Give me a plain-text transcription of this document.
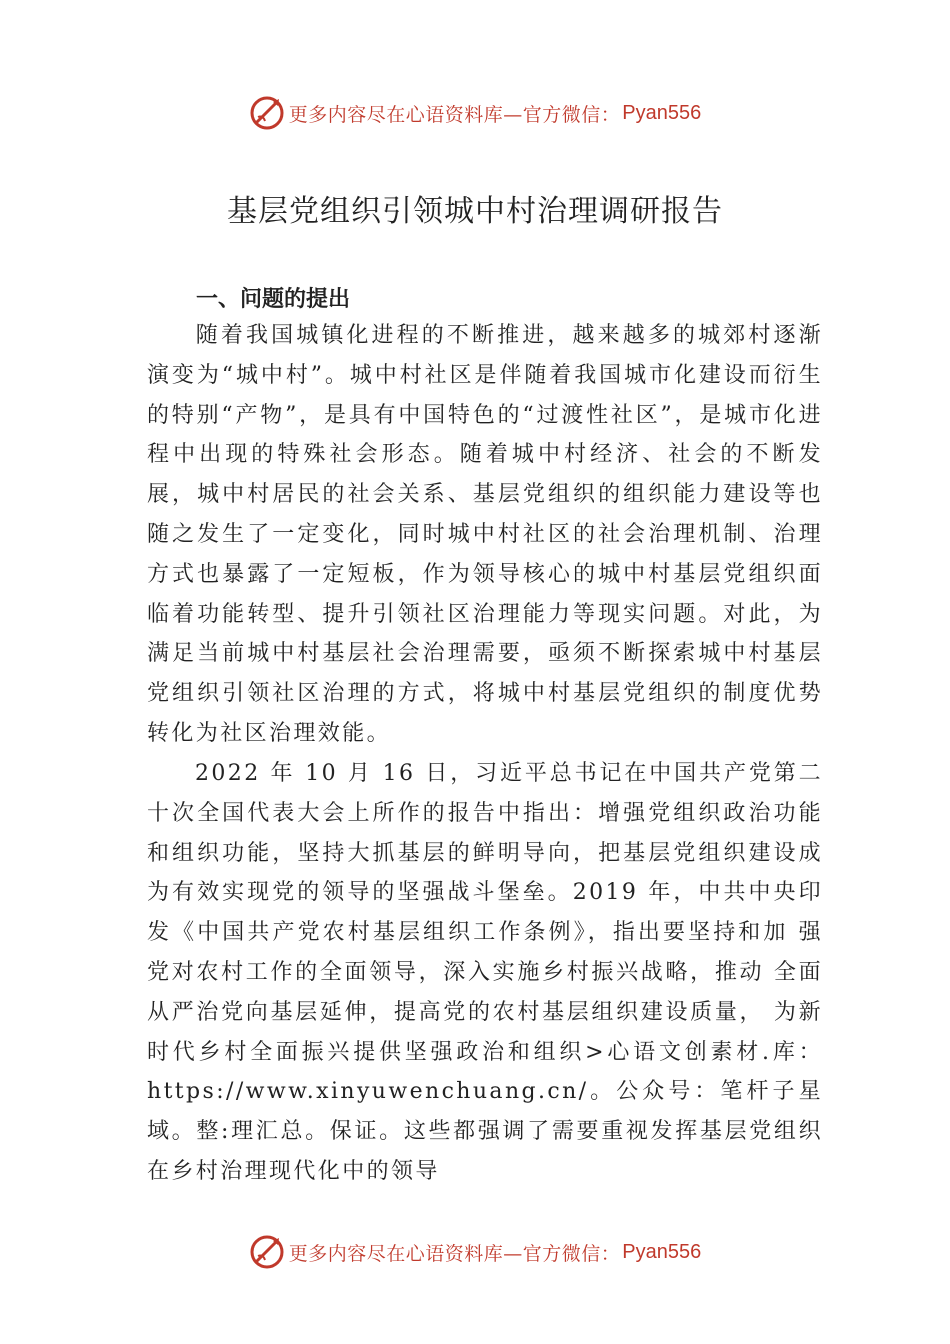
更多内容尽在心语资料库—官方微信： Pyan556
基层党组织引领城中村治理调研报告
一、问题的提出

随着我国城镇化进程的不断推进，越来越多的城郊村逐渐演变为“城中村”。城中村社区是伴随着我国城市化建设而衍生的特别“产物”，是具有中国特色的“过渡性社区”，是城市化进程中出现的特殊社会形态。随着城中村经济、社会的不断发展，城中村居民的社会关系、基层党组织的组织能力建设等也随之发生了一定变化，同时城中村社区的社会治理机制、治理方式也暴露了一定短板，作为领导核心的城中村基层党组织面临着功能转型、提升引领社区治理能力等现实问题。对此，为满足当前城中村基层社会治理需要，亟须不断探索城中村基层党组织引领社区治理的方式，将城中村基层党组织的制度优势转化为社区治理效能。

2022 年 10 月 16 日，习近平总书记在中国共产党第二十次全国代表大会上所作的报告中指出：增强党组织政治功能和组织功能，坚持大抓基层的鲜明导向，把基层党组织建设成为有效实现党的领导的坚强战斗堡垒。2019 年，中共中央印发《中国共产党农村基层组织工作条例》，指出要坚持和加 强党对农村工作的全面领导，深入实施乡村振兴战略，推动 全面从严治党向基层延伸，提高党的农村基层组织建设质量， 为新时代乡村全面振兴提供坚强政治和组织>心语文创素材.库：https://www.xinyuwenchuang.cn/。公众号：笔杆子星域。整:理汇总。保证。这些都强调了需要重视发挥基层党组织在乡村治理现代化中的领导

更多内容尽在心语资料库—官方微信： Pyan556
